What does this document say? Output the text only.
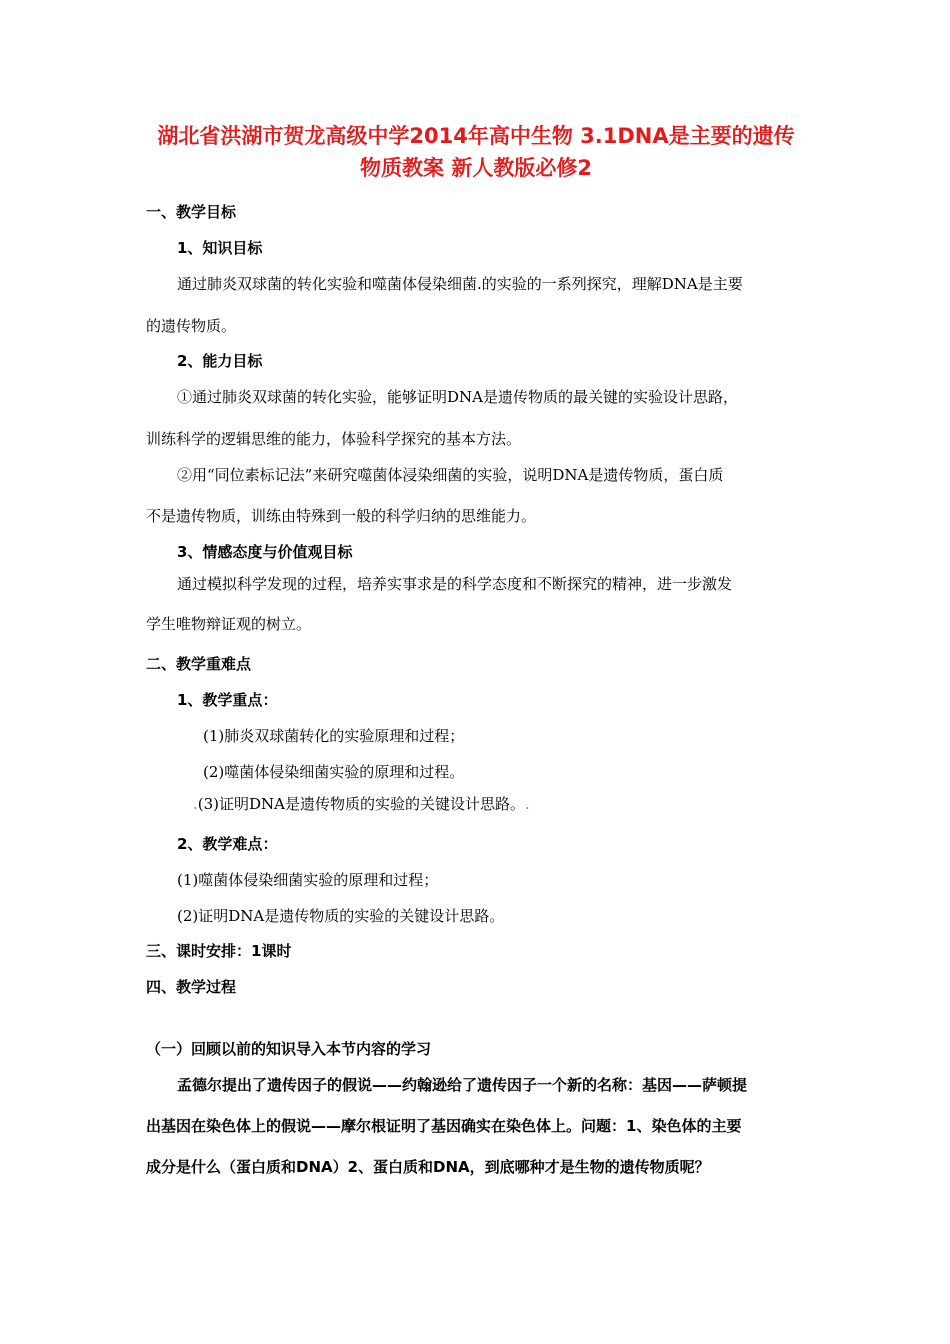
湖北省洪湖市贺龙高级中学2014年高中生物 3.1DNA是主要的遗传
物质教案 新人教版必修2
一、教学目标
1、知识目标
通过肺炎双球菌的转化实验和噬菌体侵染细菌.的实验的一系列探究，理解DNA是主要
的遗传物质。
2、能力目标
①通过肺炎双球菌的转化实验，能够证明DNA是遗传物质的最关键的实验设计思路，
训练科学的逻辑思维的能力，体验科学探究的基本方法。
②用“同位素标记法”来研究噬菌体浸染细菌的实验，说明DNA是遗传物质，蛋白质
不是遗传物质，训练由特殊到一般的科学归纳的思维能力。
3、情感态度与价值观目标
通过模拟科学发现的过程，培养实事求是的科学态度和不断探究的精神，进一步激发
学生唯物辩证观的树立。
二、教学重难点
1、教学重点：
(1)肺炎双球菌转化的实验原理和过程；
(2)噬菌体侵染细菌实验的原理和过程。
.(3)证明DNA是遗传物质的实验的关键设计思路。.
2、教学难点：
(1)噬菌体侵染细菌实验的原理和过程；
(2)证明DNA是遗传物质的实验的关键设计思路。
三、课时安排：1课时
四、教学过程
（一）回顾以前的知识导入本节内容的学习
孟德尔提出了遗传因子的假说——约翰逊给了遗传因子一个新的名称：基因——萨顿提
出基因在染色体上的假说——摩尔根证明了基因确实在染色体上。问题：1、染色体的主要
成分是什么（蛋白质和DNA）2、蛋白质和DNA，到底哪种才是生物的遗传物质呢？
